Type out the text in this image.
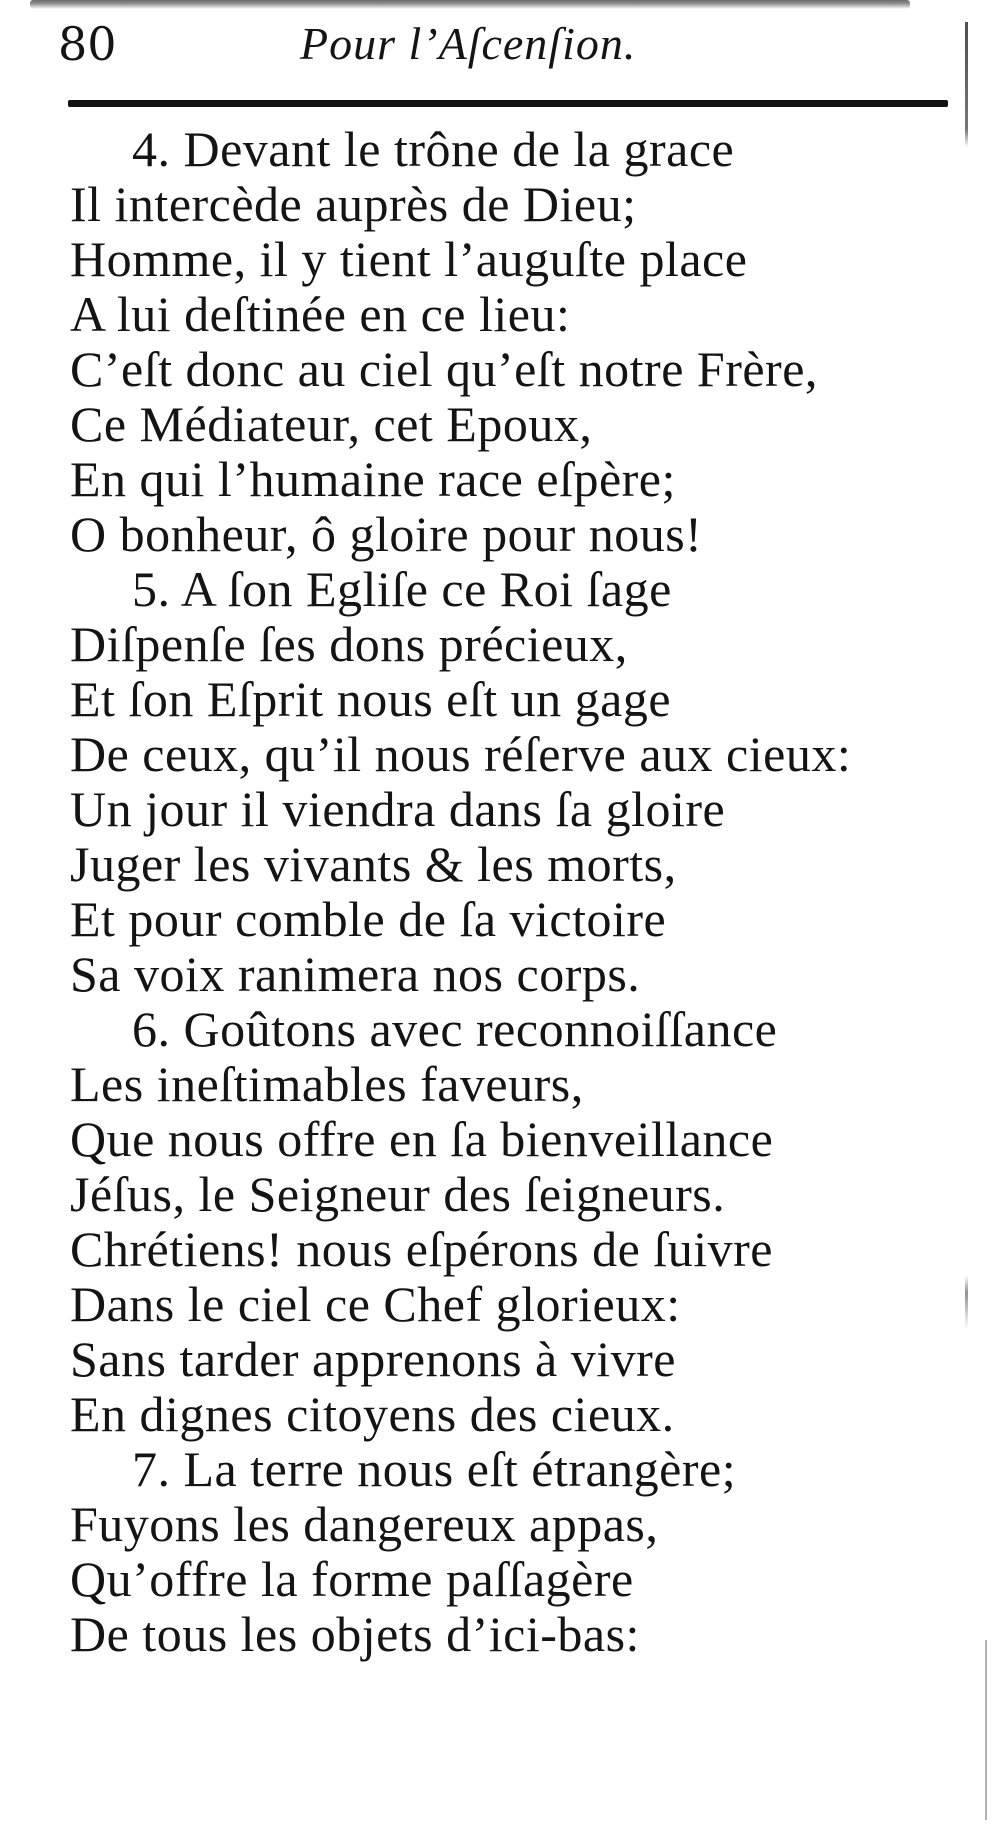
80	Pour l’Aſcenſion.
4. Devant le trône de la grace
Il intercède auprès de Dieu;
Homme, il y tient l’auguſte place
A lui deſtinée en ce lieu:
C’eſt donc au ciel qu’eſt notre Frère,
Ce Médiateur, cet Epoux,
En qui l’humaine race eſpère;
O bonheur, ô gloire pour nous!
5. A ſon Egliſe ce Roi ſage
Diſpenſe ſes dons précieux,
Et ſon Eſprit nous eſt un gage
De ceux, qu’il nous réſerve aux cieux:
Un jour il viendra dans ſa gloire
Juger les vivants & les morts,
Et pour comble de ſa victoire
Sa voix ranimera nos corps.
6. Goûtons avec reconnoiſſance
Les ineſtimables faveurs,
Que nous offre en ſa bienveillance
Jéſus, le Seigneur des ſeigneurs.
Chrétiens! nous eſpérons de ſuivre
Dans le ciel ce Chef glorieux:
Sans tarder apprenons à vivre
En dignes citoyens des cieux.
7. La terre nous eſt étrangère;
Fuyons les dangereux appas,
Qu’offre la forme paſſagère
De tous les objets d’ici-bas:
